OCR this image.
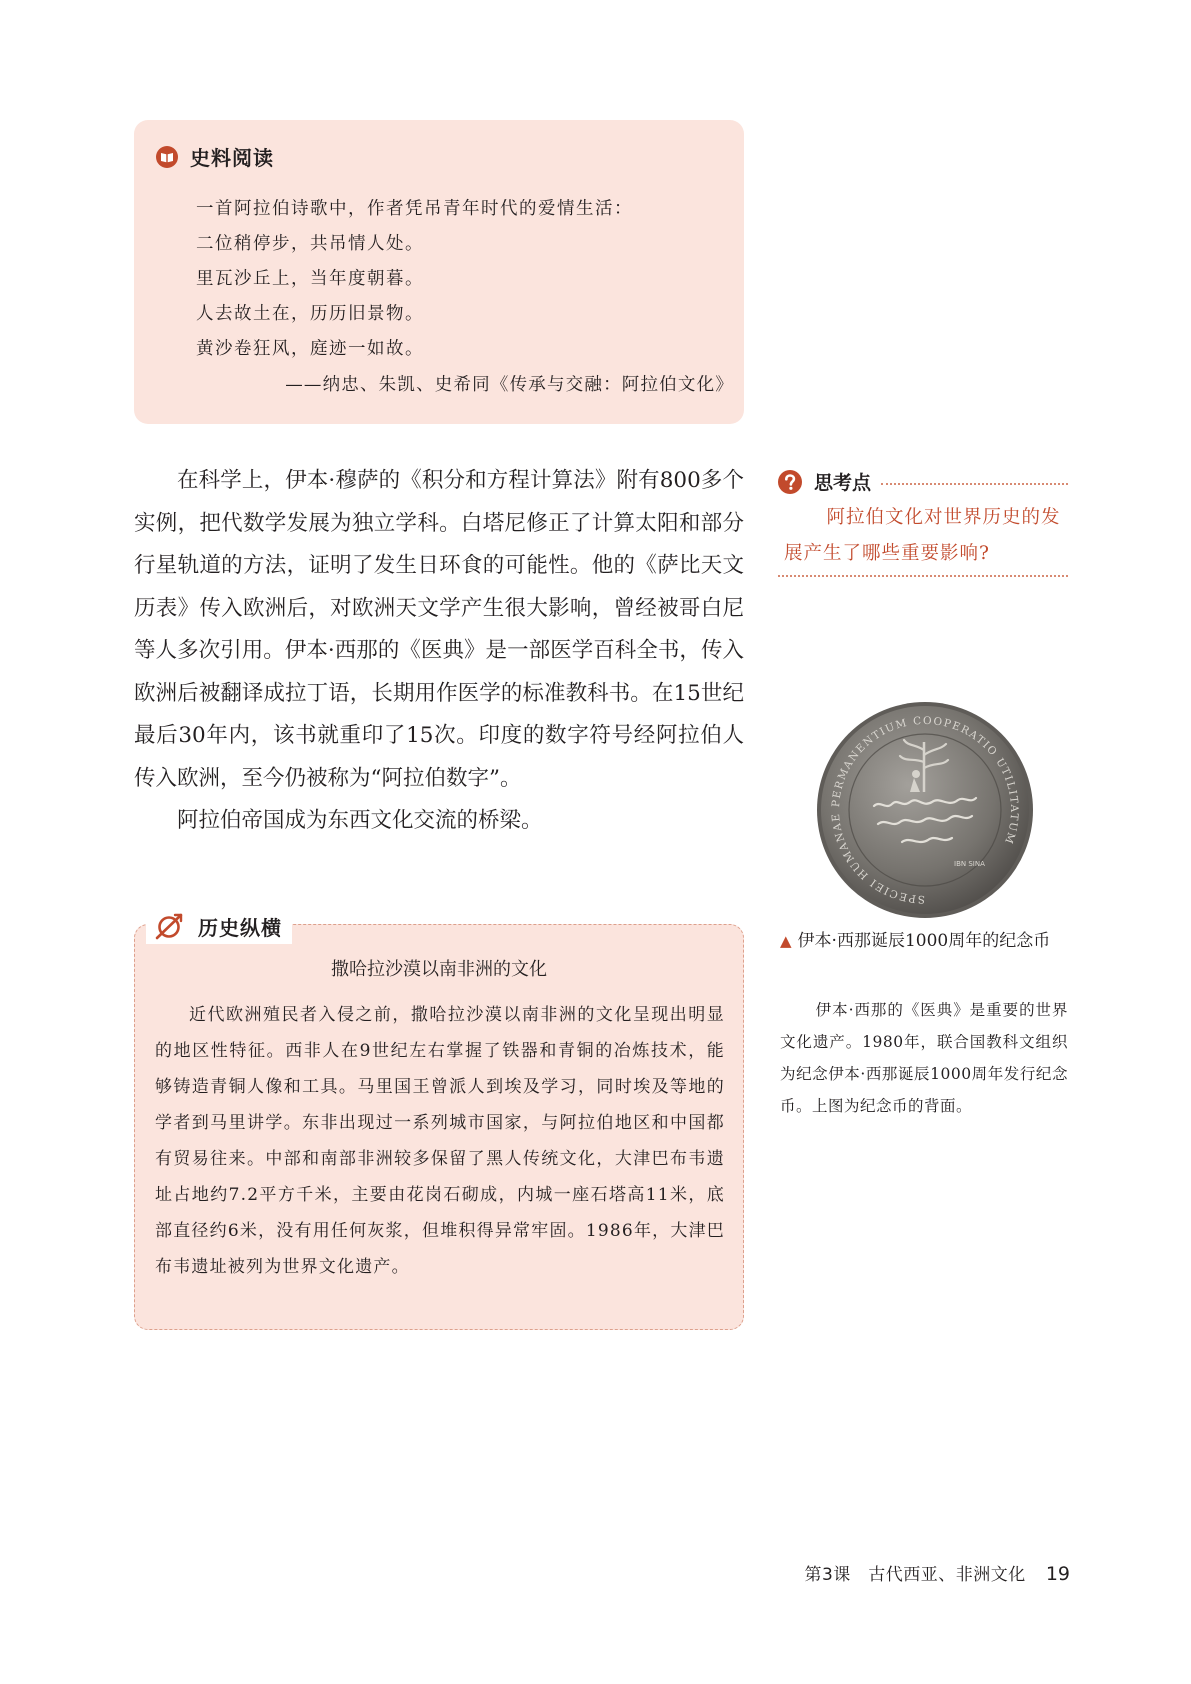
史料阅读
一首阿拉伯诗歌中，作者凭吊青年时代的爱情生活：
二位稍停步，共吊情人处。
里瓦沙丘上，当年度朝暮。
人去故土在，历历旧景物。
黄沙卷狂风，庭迹一如故。
——纳忠、朱凯、史希同《传承与交融：阿拉伯文化》

在科学上，伊本·穆萨的《积分和方程计算法》附有800多个实例，把代数学发展为独立学科。白塔尼修正了计算太阳和部分行星轨道的方法，证明了发生日环食的可能性。他的《萨比天文历表》传入欧洲后，对欧洲天文学产生很大影响，曾经被哥白尼等人多次引用。伊本·西那的《医典》是一部医学百科全书，传入欧洲后被翻译成拉丁语，长期用作医学的标准教科书。在15世纪最后30年内，该书就重印了15次。印度的数字符号经阿拉伯人传入欧洲，至今仍被称为“阿拉伯数字”。

阿拉伯帝国成为东西文化交流的桥梁。

思考点
阿拉伯文化对世界历史的发展产生了哪些重要影响?
SPECIEI HUMANAE PERMANENTIUM COOPERATIO UTILITATUM
IBN SINA
▲ 伊本·西那诞辰1000周年的纪念币
伊本·西那的《医典》是重要的世界文化遗产。1980年，联合国教科文组织为纪念伊本·西那诞辰1000周年发行纪念币。上图为纪念币的背面。
撒哈拉沙漠以南非洲的文化

近代欧洲殖民者入侵之前，撒哈拉沙漠以南非洲的文化呈现出明显的地区性特征。西非人在9世纪左右掌握了铁器和青铜的冶炼技术，能够铸造青铜人像和工具。马里国王曾派人到埃及学习，同时埃及等地的学者到马里讲学。东非出现过一系列城市国家，与阿拉伯地区和中国都有贸易往来。中部和南部非洲较多保留了黑人传统文化，大津巴布韦遗址占地约7.2平方千米，主要由花岗石砌成，内城一座石塔高11米，底部直径约6米，没有用任何灰浆，但堆积得异常牢固。1986年，大津巴布韦遗址被列为世界文化遗产。

历史纵横
第3课　古代西亚、非洲文化 19
